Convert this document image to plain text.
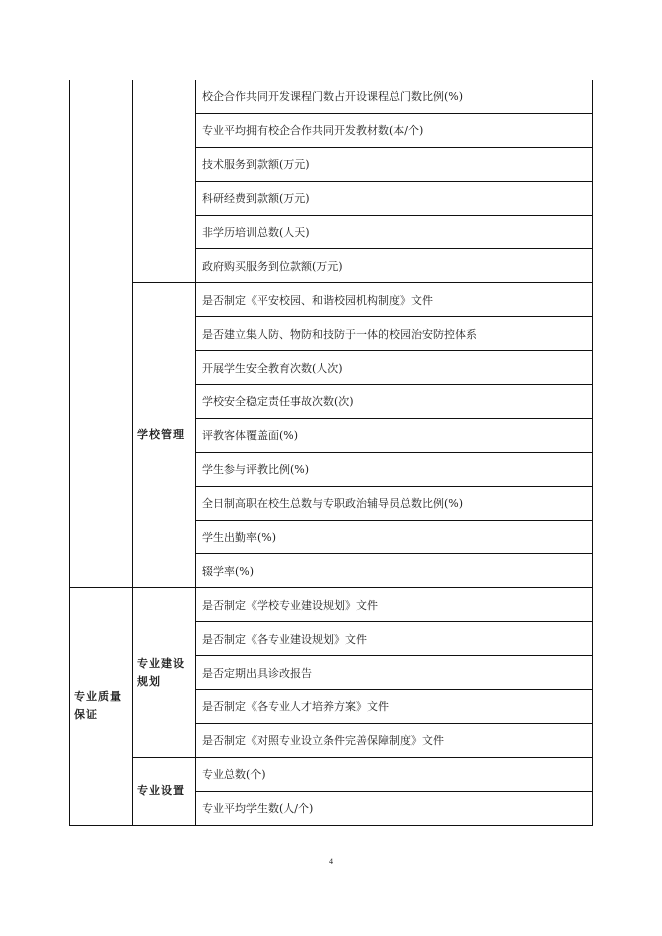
		校企合作共同开发课程门数占开设课程总门数比例(%)
		专业平均拥有校企合作共同开发教材数(本/个)
		技术服务到款额(万元)
		科研经费到款额(万元)
		非学历培训总数(人天)
		政府购买服务到位款额(万元)
	学校管理	是否制定《平安校园、和谐校园机构制度》文件
		是否建立集人防、物防和技防于一体的校园治安防控体系
		开展学生安全教育次数(人次)
		学校安全稳定责任事故次数(次)
		评教客体覆盖面(%)
		学生参与评教比例(%)
		全日制高职在校生总数与专职政治辅导员总数比例(%)
		学生出勤率(%)
		辍学率(%)
专业质量保证	专业建设规划	是否制定《学校专业建设规划》文件
		是否制定《各专业建设规划》文件
		是否定期出具诊改报告
		是否制定《各专业人才培养方案》文件
		是否制定《对照专业设立条件完善保障制度》文件
	专业设置	专业总数(个)
		专业平均学生数(人/个)
4
